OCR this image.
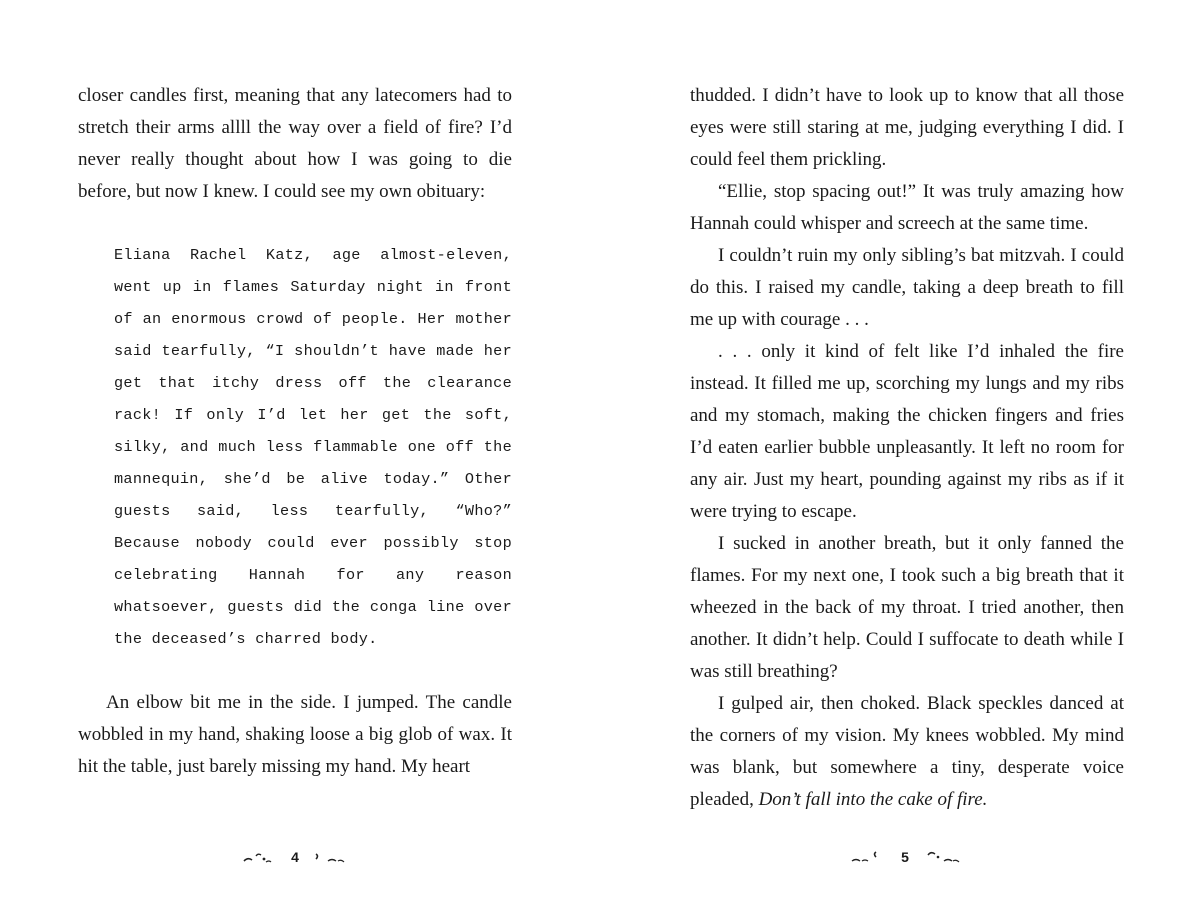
closer candles first, meaning that any latecomers had to stretch their arms allll the way over a field of fire? I’d never really thought about how I was going to die before, but now I knew. I could see my own obituary:

Eliana Rachel Katz, age almost-eleven, went up in flames Saturday night in front of an enormous crowd of people. Her mother said tearfully, “I shouldn’t have made her get that itchy dress off the clearance rack! If only I’d let her get the soft, silky, and much less flammable one off the mannequin, she’d be alive today.” Other guests said, less tearfully, “Who?” Because nobody could ever possibly stop celebrating Hannah for any reason whatsoever, guests did the conga line over the deceased’s charred body.

An elbow bit me in the side. I jumped. The candle wobbled in my hand, shaking loose a big glob of wax. It hit the table, just barely missing my hand. My heart

thudded. I didn’t have to look up to know that all those eyes were still staring at me, judging everything I did. I could feel them prickling.

“Ellie, stop spacing out!” It was truly amazing how Hannah could whisper and screech at the same time.

I couldn’t ruin my only sibling’s bat mitzvah. I could do this. I raised my candle, taking a deep breath to fill me up with courage . . .

. . . only it kind of felt like I’d inhaled the fire instead. It filled me up, scorching my lungs and my ribs and my stomach, making the chicken fingers and fries I’d eaten earlier bubble unpleasantly. It left no room for any air. Just my heart, pounding against my ribs as if it were trying to escape.

I sucked in another breath, but it only fanned the flames. For my next one, I took such a big breath that it wheezed in the back of my throat. I tried another, then another. It didn’t help. Could I suffocate to death while I was still breathing?

I gulped air, then choked. Black speckles danced at the corners of my vision. My knees wobbled. My mind was blank, but somewhere a tiny, desperate voice pleaded, Don’t fall into the cake of fire.

4	5
